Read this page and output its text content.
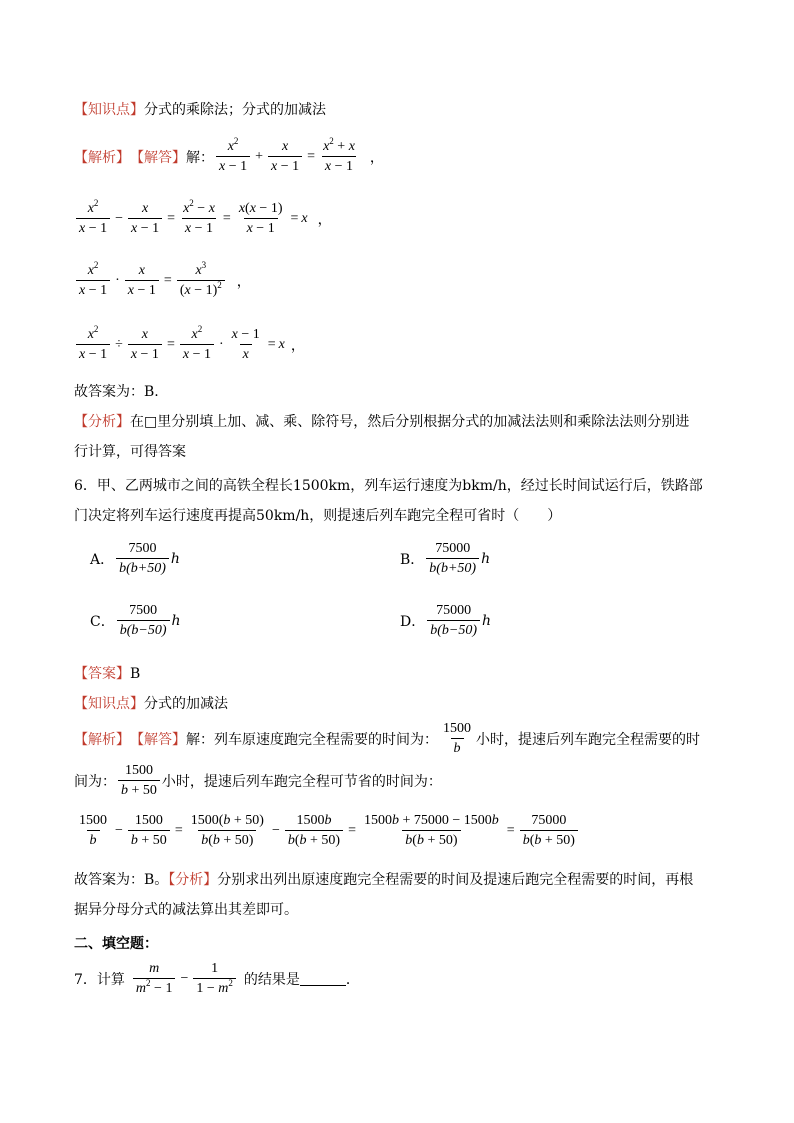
【知识点】分式的乘除法；分式的加减法
【解析】 【解答】 解： $\frac{x^2}{x - 1} + \frac{x}{x - 1} = \frac{x^2 + x}{x - 1}$ ，
$\frac{x^2}{x - 1} - \frac{x}{x - 1} = \frac{x^2 - x}{x - 1} = \frac{x(x - 1)}{x - 1} = x$ ，
$\frac{x^2}{x - 1} \cdot \frac{x}{x - 1} = \frac{x^3}{(x - 1)^2}$ ，
$\frac{x^2}{x - 1} \div \frac{x}{x - 1} = \frac{x^2}{x - 1} \cdot \frac{x - 1}{x} = x$ ，
故答案为：B.
【分析】在□里分别填上加、减、乘、除符号，然后分别根据分式的加减法法则和乘除法法则分别进
行计算，可得答案
6．甲、乙两城市之间的高铁全程长1500km，列车运行速度为bkm/h，经过长时间试运行后，铁路部
门决定将列车运行速度再提高50km/h，则提速后列车跑完全程可省时（　　）
A． $\frac{7500}{b(b+50)}$ h	B． $\frac{75000}{b(b+50)}$ h
C． $\frac{7500}{b(b-50)}$ h	D． $\frac{75000}{b(b-50)}$ h
【答案】B
【知识点】分式的加减法
【解析】 【解答】 解：列车原速度跑完全程需要的时间为： $\frac{1500}{b}$ 小时，提速后列车跑完全程需要的时
间为： $\frac{1500}{b + 50}$ 小时，提速后列车跑完全程可节省的时间为：
$\frac{1500}{b} - \frac{1500}{b + 50} = \frac{1500(b + 50)}{b(b + 50)} - \frac{1500b}{b(b + 50)} = \frac{1500b + 75000 - 1500b}{b(b + 50)} = \frac{75000}{b(b + 50)}$
故答案为：B。【分析】分别求出列出原速度跑完全程需要的时间及提速后跑完全程需要的时间，再根
据异分母分式的减法算出其差即可。
二、填空题：
7．计算 $\frac{m}{m^2 - 1} - \frac{1}{1 - m^2}$ 的结果是	．
